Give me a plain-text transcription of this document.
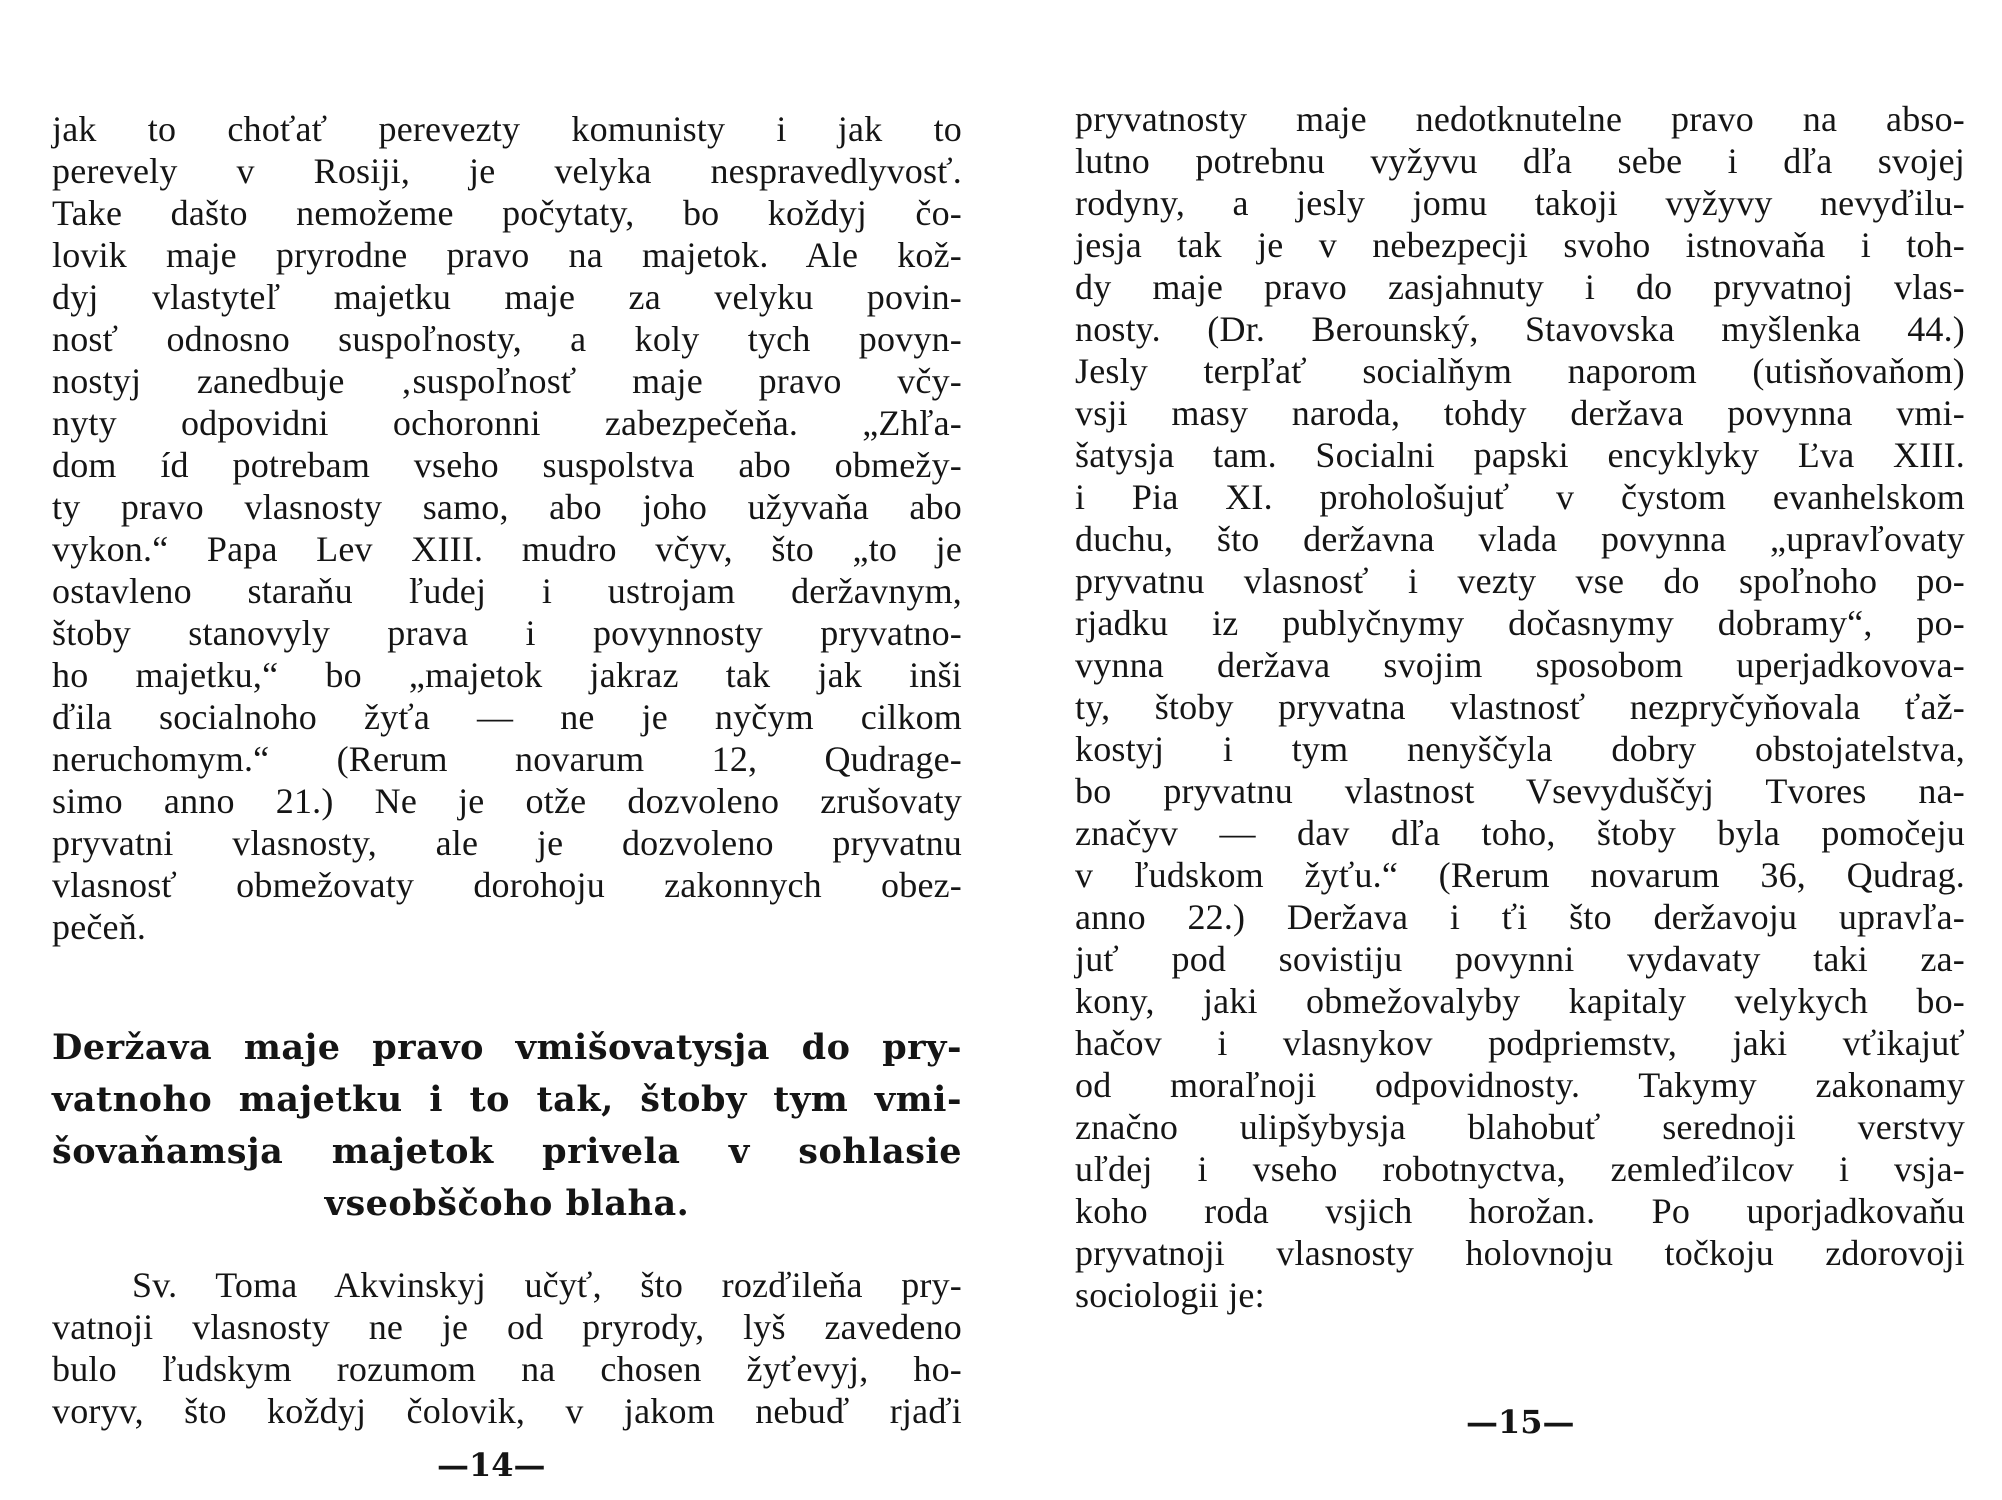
jak to choťať perevezty komunisty i jak to
perevely v Rosiji, je velyka nespravedlyvosť.
Take dašto nemožeme počytaty, bo koždyj čo-
lovik maje pryrodne pravo na majetok. Ale kož-
dyj vlastyteľ majetku maje za velyku povin-
nosť odnosno suspoľnosty, a koly tych povyn-
nostyj zanedbuje ‚suspoľnosť maje pravo včy-
nyty odpovidni ochoronni zabezpečeňa. „Zhľa-
dom íd potrebam vseho suspolstva abo obmežy-
ty pravo vlasnosty samo, abo joho užyvaňa abo
vykon.“ Papa Lev XIII. mudro včyv, što „to je
ostavleno staraňu ľudej i ustrojam deržavnym,
štoby stanovyly prava i povynnosty pryvatno-
ho majetku,“ bo „majetok jakraz tak jak inši
ďila socialnoho žyťa — ne je nyčym cilkom
neruchomym.“ (Rerum novarum 12, Qudrage-
simo anno 21.) Ne je otže dozvoleno zrušovaty
pryvatni vlasnosty, ale je dozvoleno pryvatnu
vlasnosť obmežovaty dorohoju zakonnych obez-
pečeň.
Deržava maje pravo vmišovatysja do pry-
vatnoho majetku i to tak, štoby tym vmi-
šovaňamsja majetok privela v sohlasie
vseobščoho blaha.
Sv. Toma Akvinskyj učyť, što rozďileňa pry-
vatnoji vlasnosty ne je od pryrody, lyš zavedeno
bulo ľudskym rozumom na chosen žyťevyj, ho-
voryv, što koždyj čolovik, v jakom nebuď rjaďi
—14—
pryvatnosty maje nedotknutelne pravo na abso-
lutno potrebnu vyžyvu dľa sebe i dľa svojej
rodyny, a jesly jomu takoji vyžyvy nevyďilu-
jesja tak je v nebezpecji svoho istnovaňa i toh-
dy maje pravo zasjahnuty i do pryvatnoj vlas-
nosty. (Dr. Berounský, Stavovska myšlenka 44.)
Jesly terpľať socialňym naporom (utisňovaňom)
vsji masy naroda, tohdy deržava povynna vmi-
šatysja tam. Socialni papski encyklyky Ľva XIII.
i Pia XI. prohološujuť v čystom evanhelskom
duchu, što deržavna vlada povynna „upravľovaty
pryvatnu vlasnosť i vezty vse do spoľnoho po-
rjadku iz publyčnymy dočasnymy dobramy“, po-
vynna deržava svojim sposobom uperjadkovova-
ty, štoby pryvatna vlastnosť nezpryčyňovala ťaž-
kostyj i tym nenyščyla dobry obstojatelstva,
bo pryvatnu vlastnost Vsevyduščyj Tvores na-
značyv — dav dľa toho, štoby byla pomočeju
v ľudskom žyťu.“ (Rerum novarum 36, Qudrag.
anno 22.) Deržava i ťi što deržavoju upravľa-
juť pod sovistiju povynni vydavaty taki za-
kony, jaki obmežovalyby kapitaly velykych bo-
hačov i vlasnykov podpriemstv, jaki vťikajuť
od moraľnoji odpovidnosty. Takymy zakonamy
značno ulipšybysja blahobuť serednoji verstvy
uľdej i vseho robotnyctva, zemleďilcov i vsja-
koho roda vsjich horožan. Po uporjadkovaňu
pryvatnoji vlasnosty holovnoju točkoju zdorovoji
sociologii je:
—15—
